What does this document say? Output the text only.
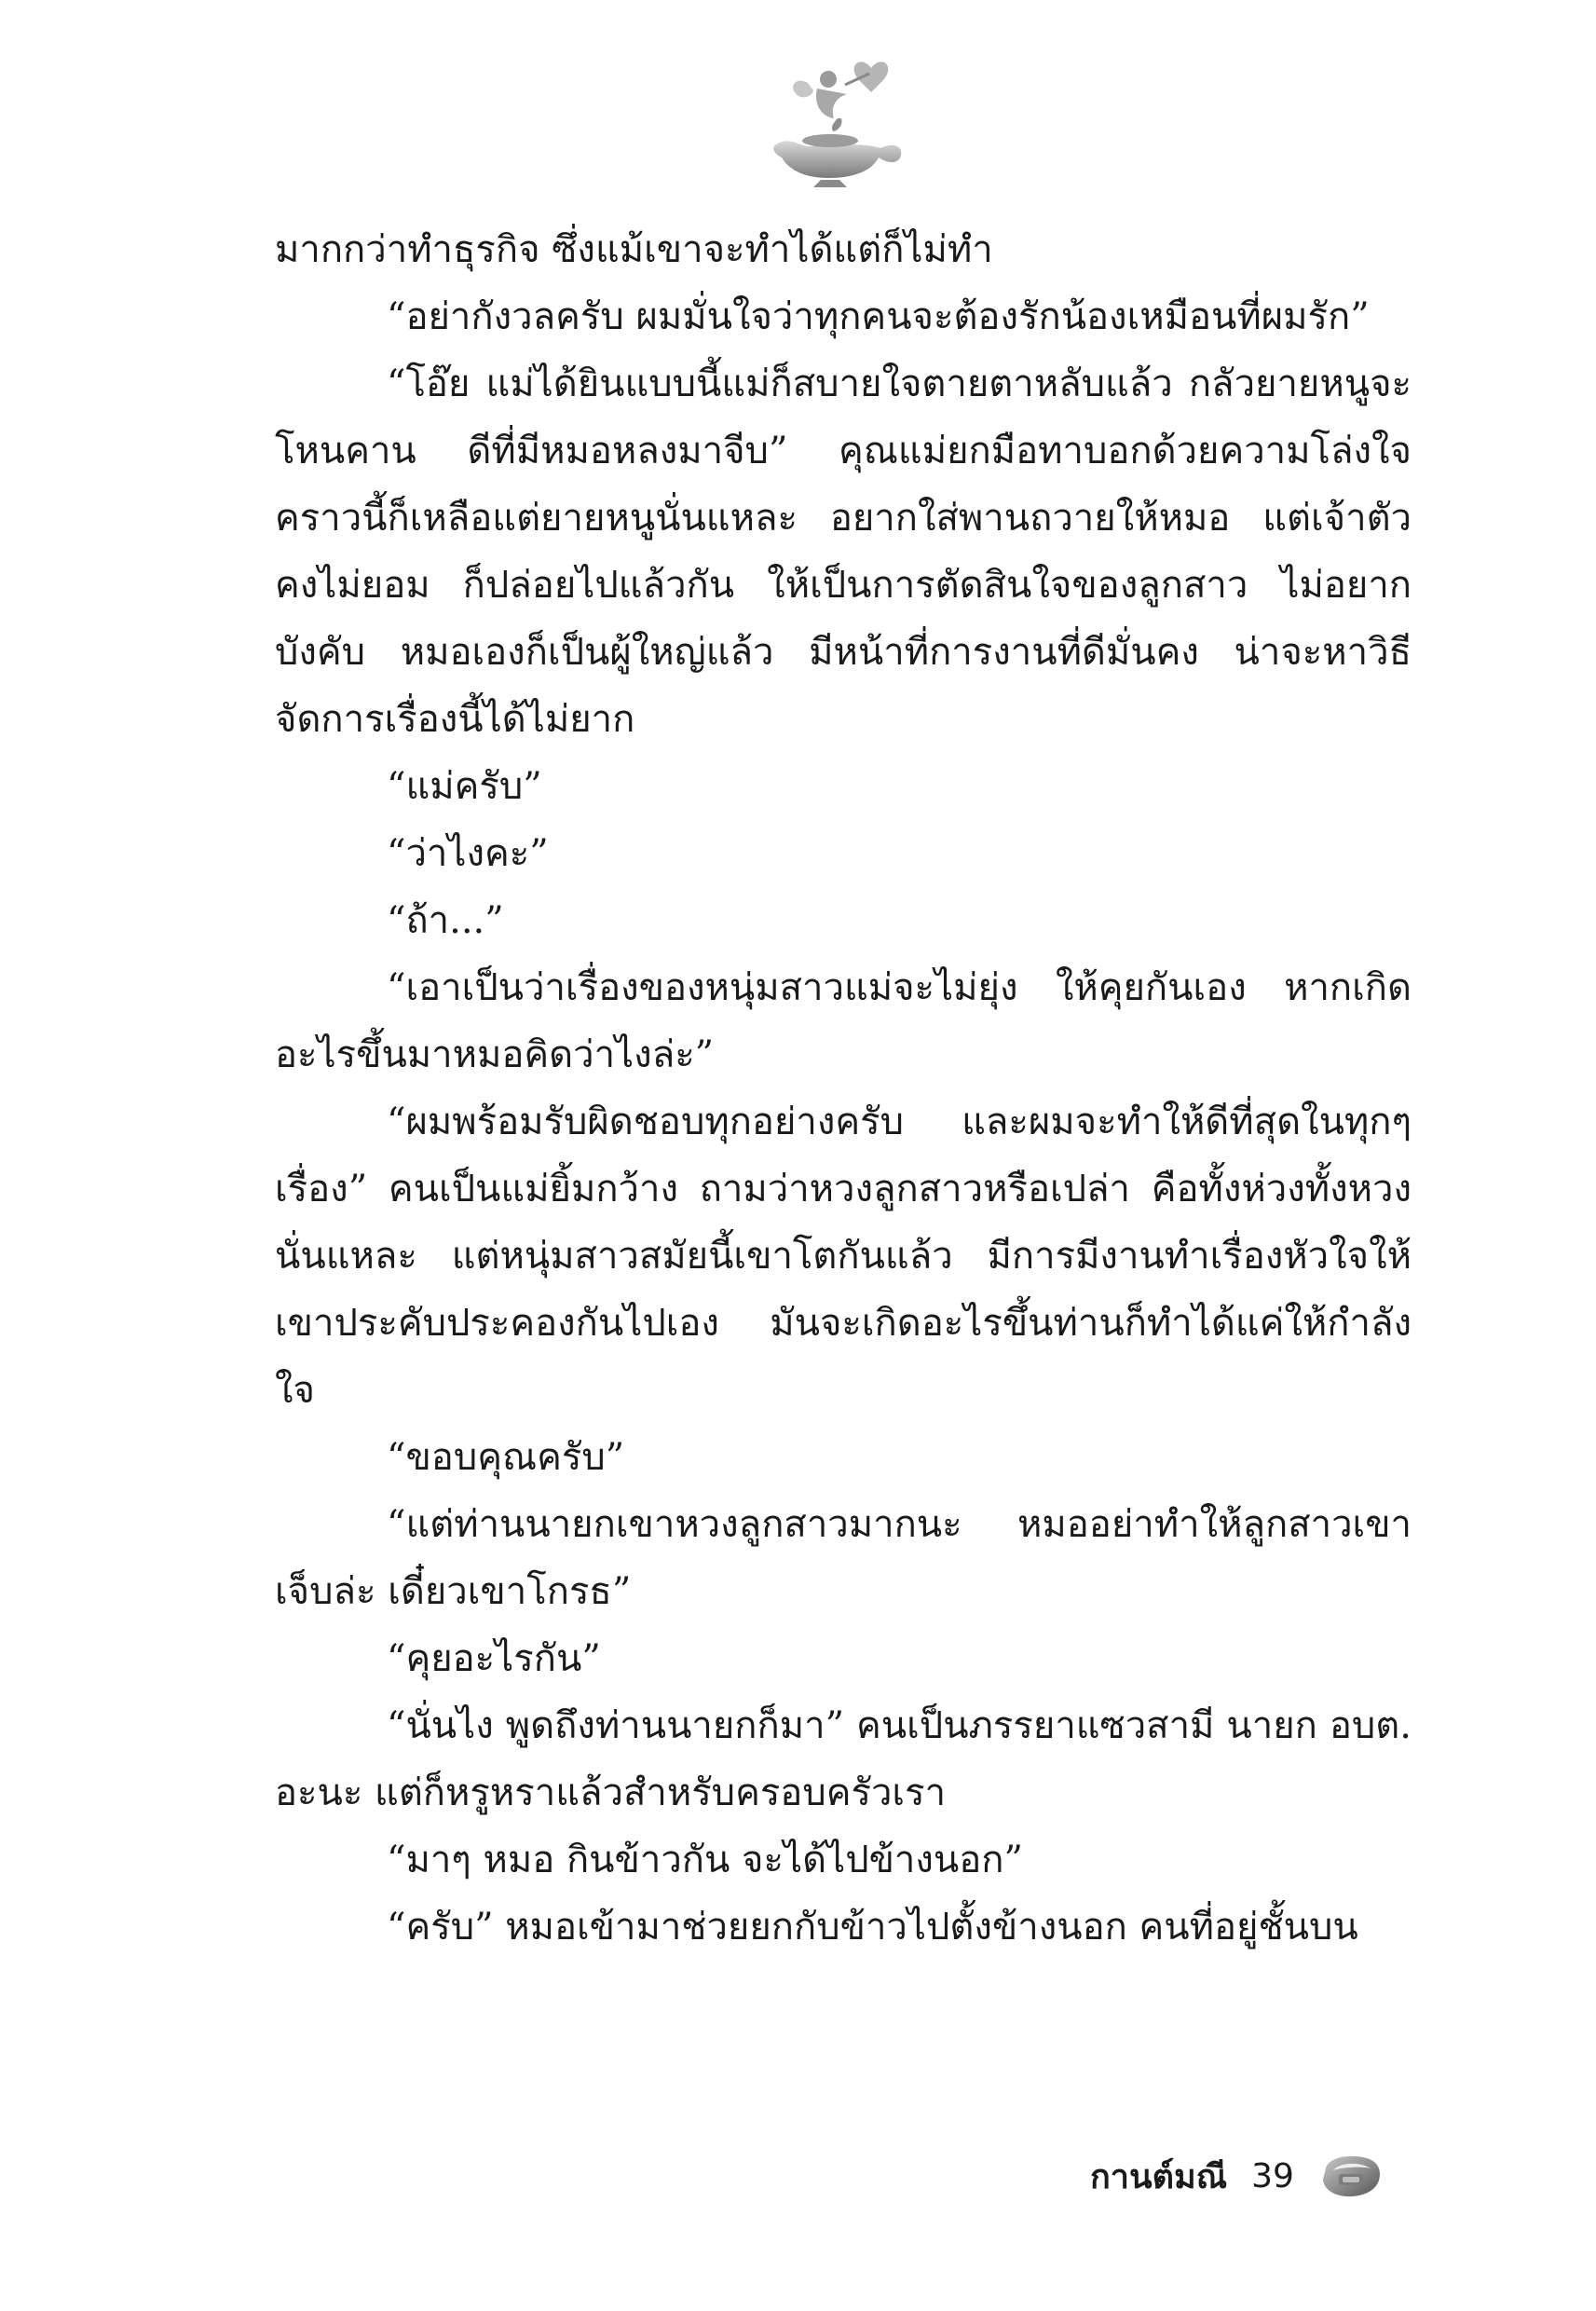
มากกว่าทำธุรกิจ ซึ่งแม้เขาจะทำได้แต่ก็ไม่ทำ

“อย่ากังวลครับ ผมมั่นใจว่าทุกคนจะต้องรักน้องเหมือนที่ผมรัก”

“โอ๊ย แม่ได้ยินแบบนี้แม่ก็สบายใจตายตาหลับแล้ว กลัวยายหนูจะโหนคาน ดีที่มีหมอหลงมาจีบ” คุณแม่ยกมือทาบอกด้วยความโล่งใจคราวนี้ก็เหลือแต่ยายหนูนั่นแหละ อยากใส่พานถวายให้หมอ แต่เจ้าตัวคงไม่ยอม ก็ปล่อยไปแล้วกัน ให้เป็นการตัดสินใจของลูกสาว ไม่อยากบังคับ หมอเองก็เป็นผู้ใหญ่แล้ว มีหน้าที่การงานที่ดีมั่นคง น่าจะหาวิธีจัดการเรื่องนี้ได้ไม่ยาก

“แม่ครับ”

“ว่าไงคะ”

“ถ้า...”

“เอาเป็นว่าเรื่องของหนุ่มสาวแม่จะไม่ยุ่ง ให้คุยกันเอง หากเกิดอะไรขึ้นมาหมอคิดว่าไงล่ะ”

“ผมพร้อมรับผิดชอบทุกอย่างครับ และผมจะทำให้ดีที่สุดในทุกๆ เรื่อง” คนเป็นแม่ยิ้มกว้าง ถามว่าหวงลูกสาวหรือเปล่า คือทั้งห่วงทั้งหวงนั่นแหละ แต่หนุ่มสาวสมัยนี้เขาโตกันแล้ว มีการมีงานทำเรื่องหัวใจให้เขาประคับประคองกันไปเอง มันจะเกิดอะไรขึ้นท่านก็ทำได้แค่ให้กำลังใจ

“ขอบคุณครับ”

“แต่ท่านนายกเขาหวงลูกสาวมากนะ หมออย่าทำให้ลูกสาวเขาเจ็บล่ะ เดี๋ยวเขาโกรธ”

“คุยอะไรกัน”

“นั่นไง พูดถึงท่านนายกก็มา” คนเป็นภรรยาแซวสามี นายก อบต. อะนะ แต่ก็หรูหราแล้วสำหรับครอบครัวเรา

“มาๆ หมอ กินข้าวกัน จะได้ไปข้างนอก”

“ครับ” หมอเข้ามาช่วยยกกับข้าวไปตั้งข้างนอก คนที่อยู่ชั้นบน

กานต์มณี 39
